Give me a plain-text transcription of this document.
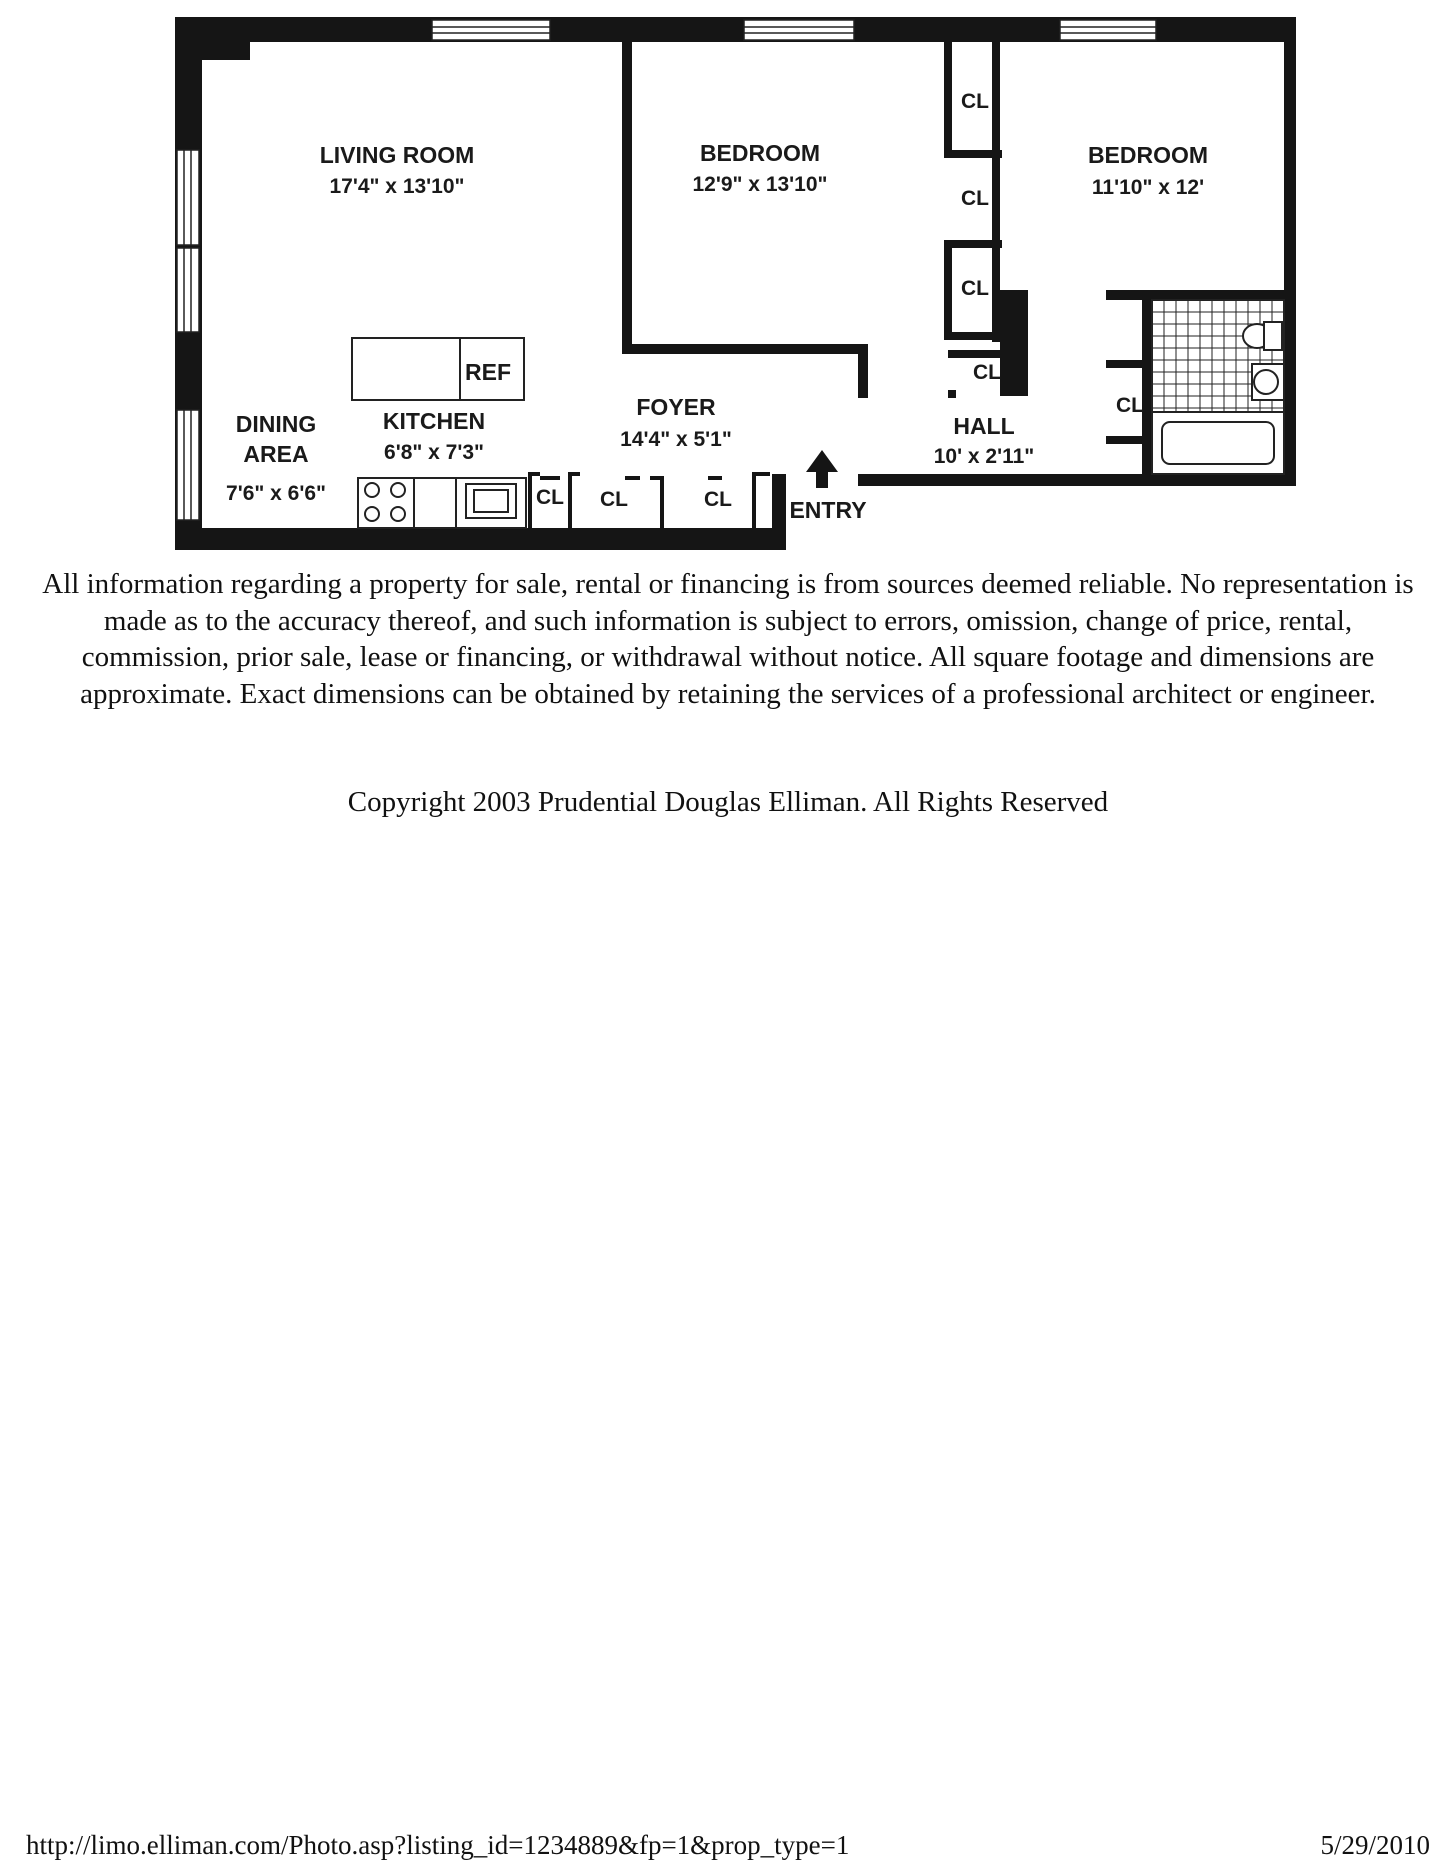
LIVING ROOM
17'4" x 13'10"
BEDROOM
12'9" x 13'10"
BEDROOM
11'10" x 12'
DINING
AREA
7'6" x 6'6"
KITCHEN
6'8" x 7'3"
FOYER
14'4" x 5'1"
HALL
10' x 2'11"
REF
ENTRY
CL
CL
CL
CL
CL
CL CL	CL

All information regarding a property for sale, rental or financing is from sources deemed reliable. No representation is made as to the accuracy thereof, and such information is subject to errors, omission, change of price, rental, commission, prior sale, lease or financing, or withdrawal without notice. All square footage and dimensions are approximate. Exact dimensions can be obtained by retaining the services of a professional architect or engineer.

Copyright 2003 Prudential Douglas Elliman. All Rights Reserved

http://limo.elliman.com/Photo.asp?listing_id=1234889&fp=1&prop_type=1	5/29/2010
